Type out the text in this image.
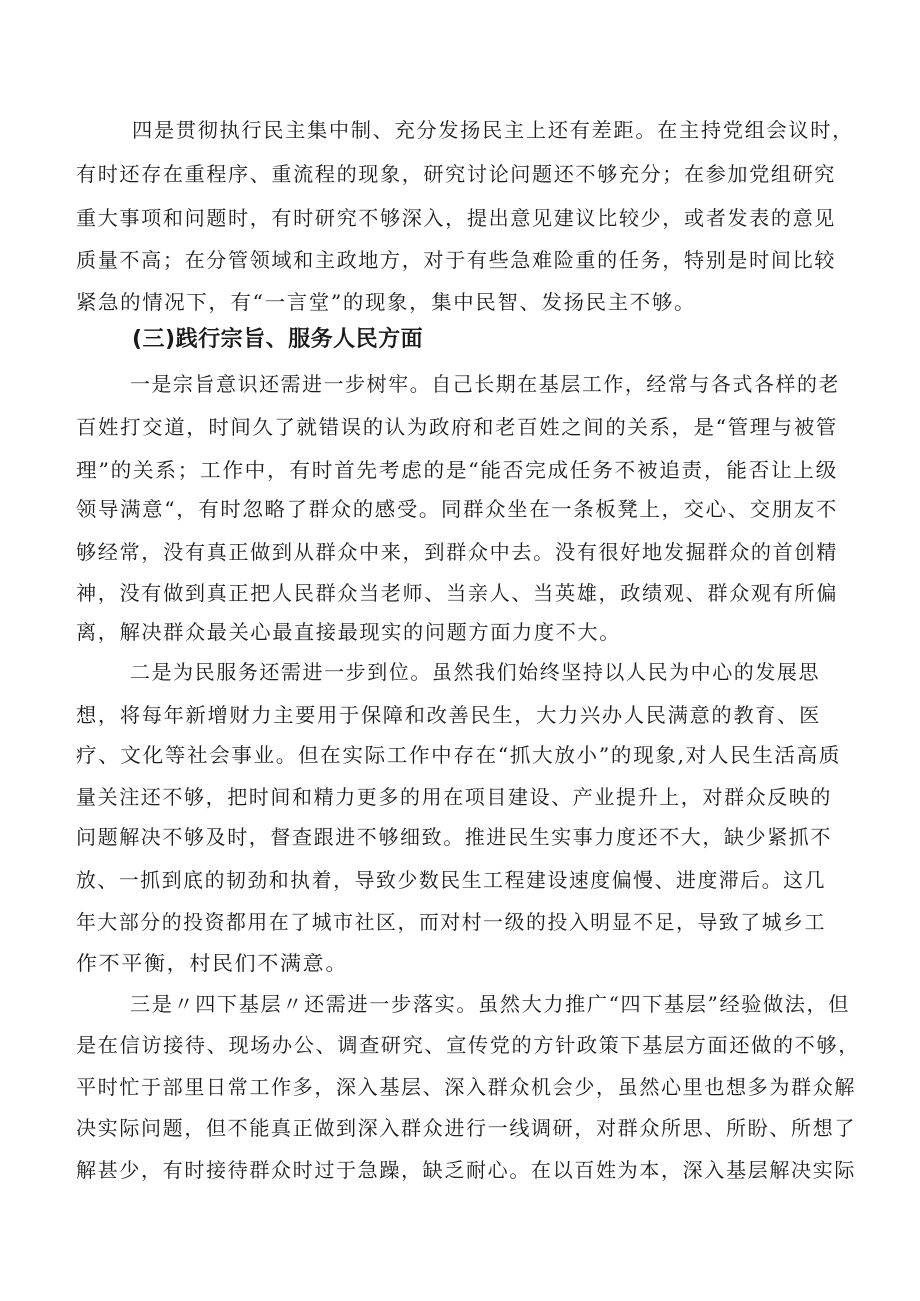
四是贯彻执行民主集中制、充分发扬民主上还有差距。在主持党组会议时，
有时还存在重程序、重流程的现象，研究讨论问题还不够充分；在参加党组研究
重大事项和问题时，有时研究不够深入，提出意见建议比较少，或者发表的意见
质量不高；在分管领域和主政地方，对于有些急难险重的任务，特别是时间比较
紧急的情况下，有“一言堂”的现象，集中民智、发扬民主不够。
(三)践行宗旨、服务人民方面
一是宗旨意识还需进一步树牢。自己长期在基层工作，经常与各式各样的老
百姓打交道，时间久了就错误的认为政府和老百姓之间的关系，是“管理与被管
理”的关系；工作中，有时首先考虑的是“能否完成任务不被追责，能否让上级
领导满意“，有时忽略了群众的感受。同群众坐在一条板凳上，交心、交朋友不
够经常，没有真正做到从群众中来，到群众中去。没有很好地发掘群众的首创精
神，没有做到真正把人民群众当老师、当亲人、当英雄，政绩观、群众观有所偏
离，解决群众最关心最直接最现实的问题方面力度不大。
二是为民服务还需进一步到位。虽然我们始终坚持以人民为中心的发展思
想，将每年新增财力主要用于保障和改善民生，大力兴办人民满意的教育、医
疗、文化等社会事业。但在实际工作中存在“抓大放小”的现象,对人民生活高质
量关注还不够，把时间和精力更多的用在项目建设、产业提升上，对群众反映的
问题解决不够及时，督查跟进不够细致。推进民生实事力度还不大，缺少紧抓不
放、一抓到底的韧劲和执着，导致少数民生工程建设速度偏慢、进度滞后。这几
年大部分的投资都用在了城市社区，而对村一级的投入明显不足，导致了城乡工
作不平衡，村民们不满意。
三是〃四下基层〃还需进一步落实。虽然大力推广“四下基层”经验做法，但
是在信访接待、现场办公、调查研究、宣传党的方针政策下基层方面还做的不够，
平时忙于部里日常工作多，深入基层、深入群众机会少，虽然心里也想多为群众解
决实际问题，但不能真正做到深入群众进行一线调研，对群众所思、所盼、所想了
解甚少，有时接待群众时过于急躁，缺乏耐心。在以百姓为本，深入基层解决实际
